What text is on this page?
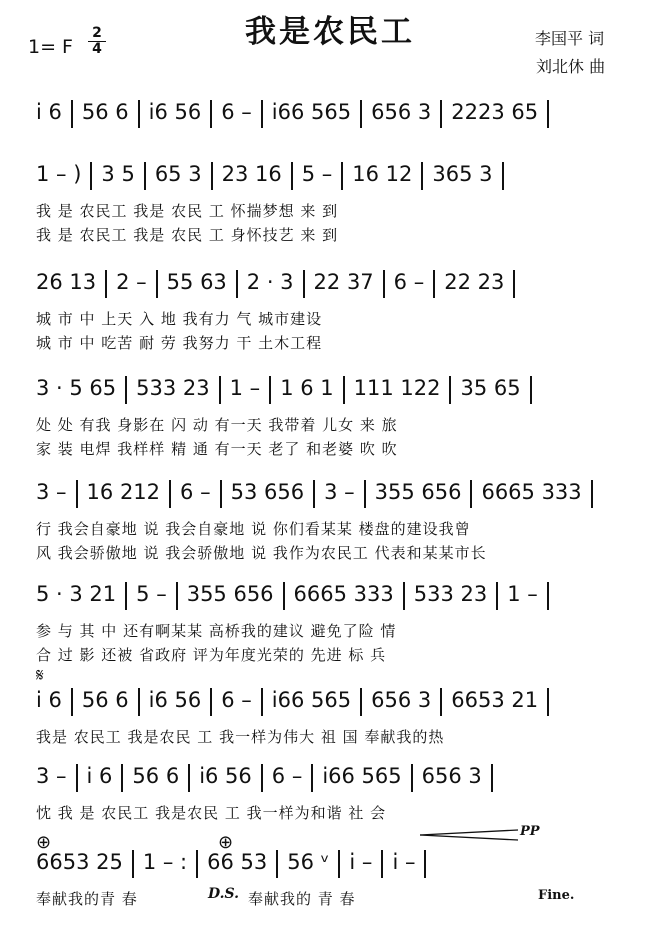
我是农民工
1= F
2
4
李国平 词
刘北休 曲
i 6 56 6 i6 56 6 – i66 565 656 3 2223 65
1 – ) 3 5 65 3 23 16 5 – 16 12 365 3
我 是 农民工 我是 农民 工 怀揣梦想 来 到
我 是 农民工 我是 农民 工 身怀技艺 来 到
26 13 2 – 55 63 2 · 3 22 37 6 – 22 23
城 市 中 上天 入 地 我有力 气 城市建设
城 市 中 吃苦 耐 劳 我努力 干 土木工程
3 · 5 65 533 23 1 – 1 6 1 111 122 35 65
处 处 有我 身影在 闪 动 有一天 我带着 儿女 来 旅
家 装 电焊 我样样 精 通 有一天 老了 和老婆 吹 吹
3 – 16 212 6 – 53 656 3 – 355 656 6665 333
行 我会自豪地 说 我会自豪地 说 你们看某某 楼盘的建设我曾
风 我会骄傲地 说 我会骄傲地 说 我作为农民工 代表和某某市长
5 · 3 21 5 – 355 656 6665 333 533 23 1 –
参 与 其 中 还有啊某某 高桥我的建议 避免了险 情
合 过 影 还被 省政府 评为年度光荣的 先进 标 兵
i 6 56 6 i6 56 6 – i66 565 656 3 6653 21
我是 农民工 我是农民 工 我一样为伟大 祖 国 奉献我的热
3 – i 6 56 6 i6 56 6 – i66 565 656 3
忱 我 是 农民工 我是农民 工 我一样为和谐 社 会
6653 25 1 – : 66 53 56 ᵛ i – i –
奉献我的青 春	奉献我的 青 春
𝄋
⊕	⊕
D.S.	Fine.
PP
